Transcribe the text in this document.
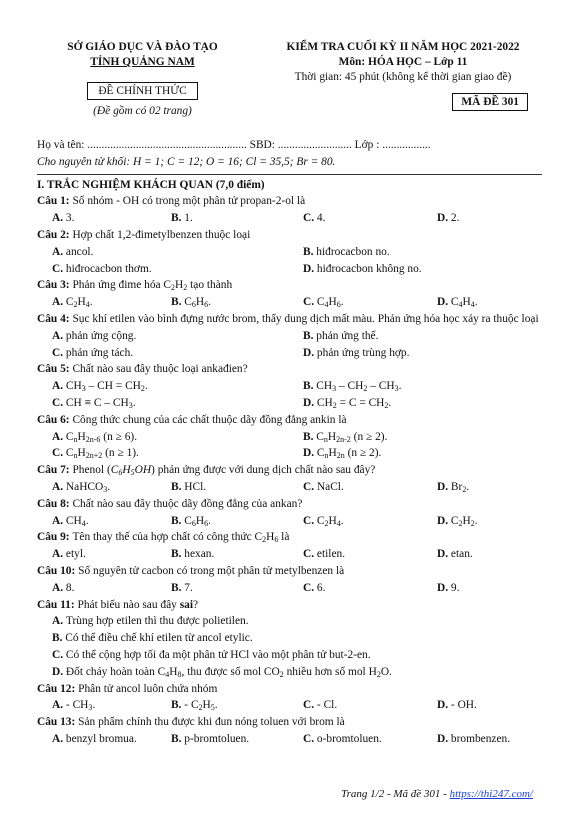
SỞ GIÁO DỤC VÀ ĐÀO TẠO
TỈNH QUẢNG NAM
ĐỀ CHÍNH THỨC
(Đề gồm có 02 trang)
KIỂM TRA CUỐI KỲ II NĂM HỌC 2021-2022
Môn: HÓA HỌC – Lớp 11
Thời gian: 45 phút (không kể thời gian giao đề)
MÃ ĐỀ 301
Họ và tên: ........................................................ SBD: .......................... Lớp : .................
Cho nguyên tử khối: H = 1; C = 12; O = 16; Cl = 35,5; Br = 80.
I. TRẮC NGHIỆM KHÁCH QUAN (7,0 điểm)
Câu 1: Số nhóm - OH có trong một phân tử propan-2-ol là
A. 3.	B. 1.	C. 4.	D. 2.
Câu 2: Hợp chất 1,2-đimetylbenzen thuộc loại
A. ancol.	B. hiđrocacbon no.
C. hiđrocacbon thơm.	D. hiđrocacbon không no.
Câu 3: Phản ứng đime hóa $C_2H_2$ tạo thành
A. $C_2H_4$.	B. $C_6H_6$.	C. $C_4H_6$.	D. $C_4H_4$.
Câu 4: Sục khí etilen vào bình đựng nước brom, thấy dung dịch mất màu. Phản ứng hóa học xảy ra thuộc loại
A. phản ứng cộng.	B. phản ứng thế.
C. phản ứng tách.	D. phản ứng trùng hợp.
Câu 5: Chất nào sau đây thuộc loại ankađien?
A. $CH_3$ – CH = $CH_2$.	B. $CH_3 - CH_2 - CH_3$.
C. CH ≡ C – $CH_3$.	D. $CH_2 = C = CH_2$.
Câu 6: Công thức chung của các chất thuộc dãy đồng đẳng ankin là
A. $C_nH_{2n-6}$ (n ≥ 6).	B. $C_nH_{2n-2}$ (n ≥ 2).
C. $C_nH_{2n+2}$ (n ≥ 1).	D. $C_nH_{2n}$ (n ≥ 2).
Câu 7: Phenol $(C_6H_5OH)$ phản ứng được với dung dịch chất nào sau đây?
A. NaHCO$_3$.	B. HCl.	C. NaCl.	D. $Br_2$.
Câu 8: Chất nào sau đây thuộc dãy đồng đẳng của ankan?
A. $CH_4$.	B. $C_6H_6$.	C. $C_2H_4$.	D. $C_2H_2$.
Câu 9: Tên thay thế của hợp chất có công thức $C_2H_6$ là
A. etyl.	B. hexan.	C. etilen.	D. etan.
Câu 10: Số nguyên tử cacbon có trong một phân tử metylbenzen là
A. 8.	B. 7.	C. 6.	D. 9.
Câu 11: Phát biểu nào sau đây sai?
A. Trùng hợp etilen thì thu được polietilen.
B. Có thể điều chế khí etilen từ ancol etylic.
C. Có thể cộng hợp tối đa một phân tử HCl vào một phân tử but-2-en.
D. Đốt cháy hoàn toàn $C_4H_8$, thu được số mol $CO_2$ nhiều hơn số mol $H_2O$.
Câu 12: Phân tử ancol luôn chứa nhóm
A. - $CH_3$.	B. - $C_2H_5$.	C. - Cl.	D. - OH.
Câu 13: Sản phẩm chính thu được khi đun nóng toluen với brom là
A. benzyl bromua.	B. p-bromtoluen.	C. o-bromtoluen.	D. brombenzen.
Trang 1/2 - Mã đề 301 - https://thi247.com/
